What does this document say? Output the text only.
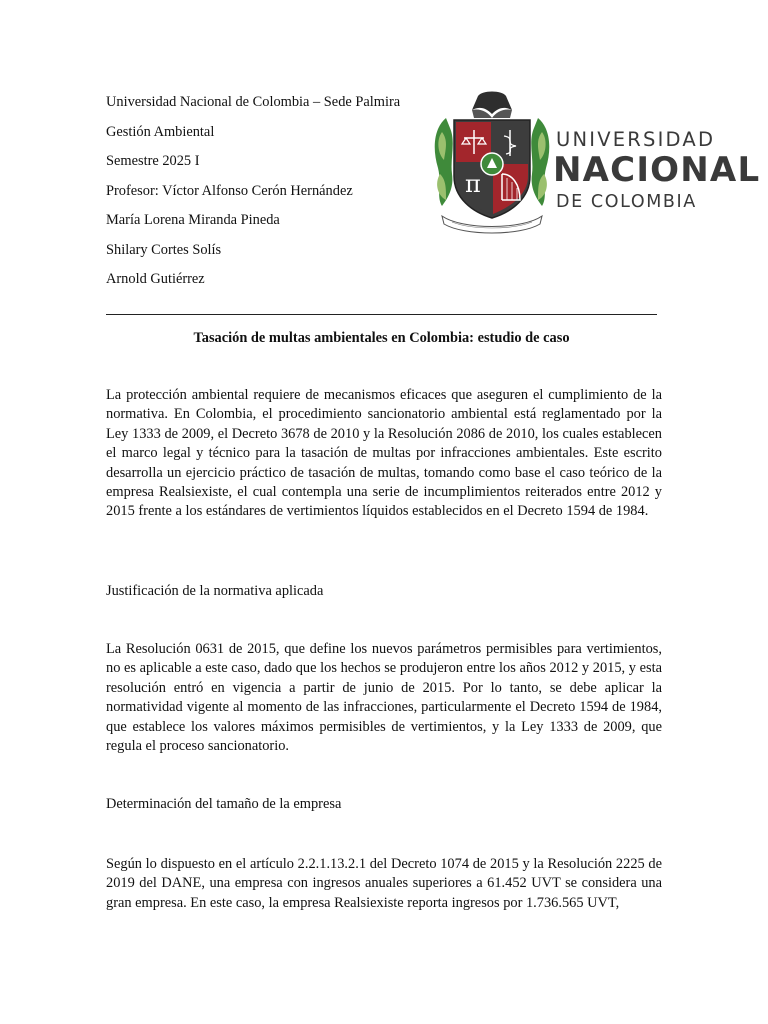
Universidad Nacional de Colombia – Sede Palmira
Gestión Ambiental
Semestre 2025 I
Profesor: Víctor Alfonso Cerón Hernández
María Lorena Miranda Pineda
Shilary Cortes Solís
Arnold Gutiérrez
π
UNIVERSIDAD
NACIONAL
DE COLOMBIA
Tasación de multas ambientales en Colombia: estudio de caso

La protección ambiental requiere de mecanismos eficaces que aseguren el cumplimiento de la normativa. En Colombia, el procedimiento sancionatorio ambiental está reglamentado por la Ley 1333 de 2009, el Decreto 3678 de 2010 y la Resolución 2086 de 2010, los cuales establecen el marco legal y técnico para la tasación de multas por infracciones ambientales. Este escrito desarrolla un ejercicio práctico de tasación de multas, tomando como base el caso teórico de la empresa Realsiexiste, el cual contempla una serie de incumplimientos reiterados entre 2012 y 2015 frente a los estándares de vertimientos líquidos establecidos en el Decreto 1594 de 1984.

Justificación de la normativa aplicada

La Resolución 0631 de 2015, que define los nuevos parámetros permisibles para vertimientos, no es aplicable a este caso, dado que los hechos se produjeron entre los años 2012 y 2015, y esta resolución entró en vigencia a partir de junio de 2015. Por lo tanto, se debe aplicar la normatividad vigente al momento de las infracciones, particularmente el Decreto 1594 de 1984, que establece los valores máximos permisibles de vertimientos, y la Ley 1333 de 2009, que regula el proceso sancionatorio.

Determinación del tamaño de la empresa

Según lo dispuesto en el artículo 2.2.1.13.2.1 del Decreto 1074 de 2015 y la Resolución 2225 de 2019 del DANE, una empresa con ingresos anuales superiores a 61.452 UVT se considera una gran empresa. En este caso, la empresa Realsiexiste reporta ingresos por 1.736.565 UVT,
